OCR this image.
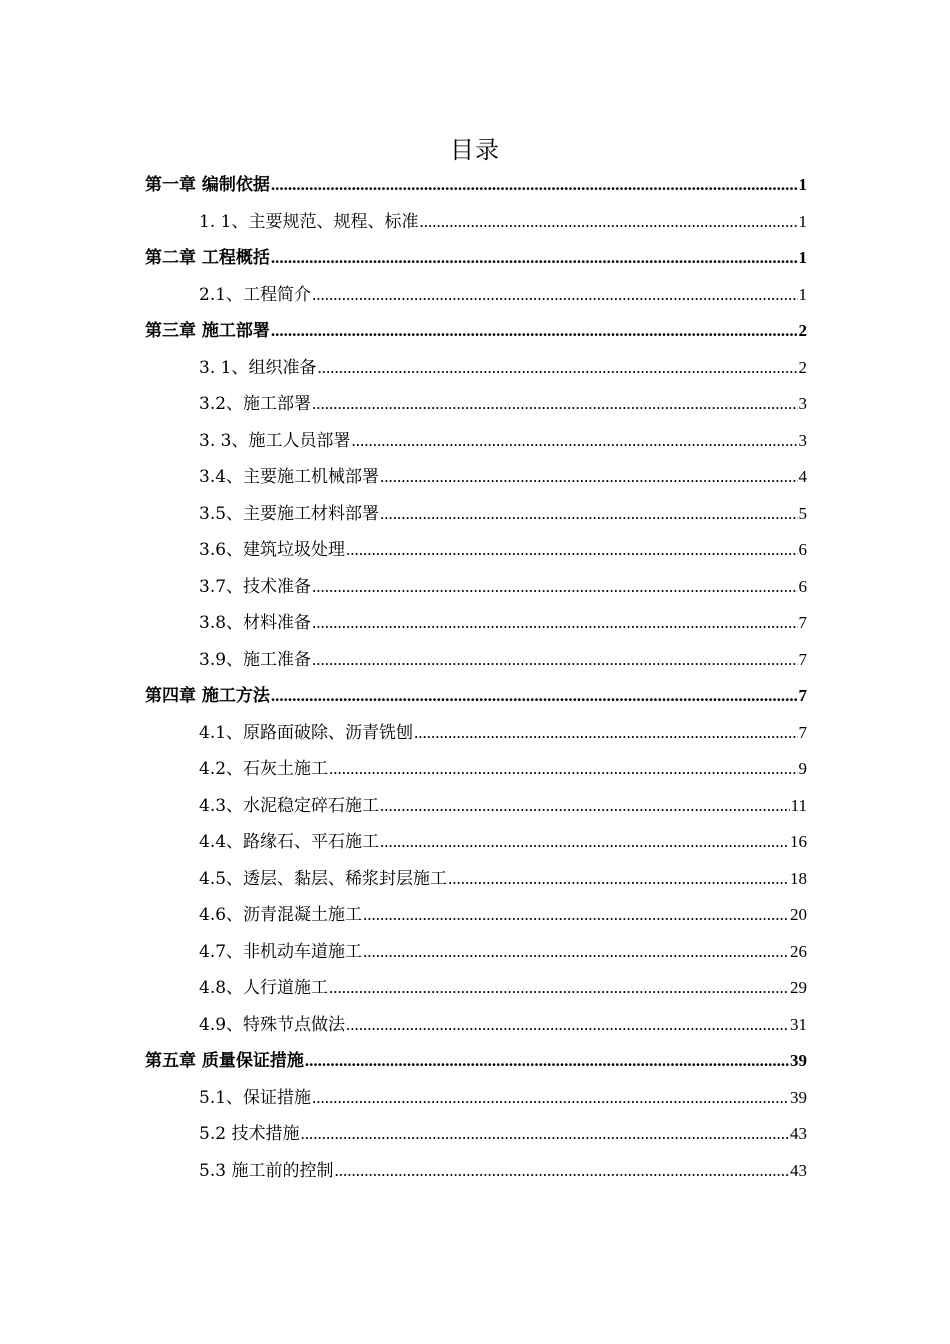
目录
第一章 编制依据 .....	1
1. 1、主要规范、规程、标准 .....	1
第二章 工程概括 .....	1
2.1、工程简介 .....	1
第三章 施工部署 .....	2
3. 1、组织准备 .....	2
3.2、施工部署 .....	3
3. 3、施工人员部署 .....	3
3.4、主要施工机械部署 .....	4
3.5、主要施工材料部署 .....	5
3.6、建筑垃圾处理 .....	6
3.7、技术准备 .....	6
3.8、材料准备 .....	7
3.9、施工准备 .....	7
第四章 施工方法 .....	7
4.1、原路面破除、沥青铣刨 .....	7
4.2、石灰土施工 .....	9
4.3、水泥稳定碎石施工 .....	11
4.4、路缘石、平石施工 .....	16
4.5、透层、黏层、稀浆封层施工 .....	18
4.6、沥青混凝土施工 .....	20
4.7、非机动车道施工 .....	26
4.8、人行道施工 .....	29
4.9、特殊节点做法 .....	31
第五章 质量保证措施 .....	39
5.1、保证措施 .....	39
5.2 技术措施 .....	43
5.3 施工前的控制 .....	43
